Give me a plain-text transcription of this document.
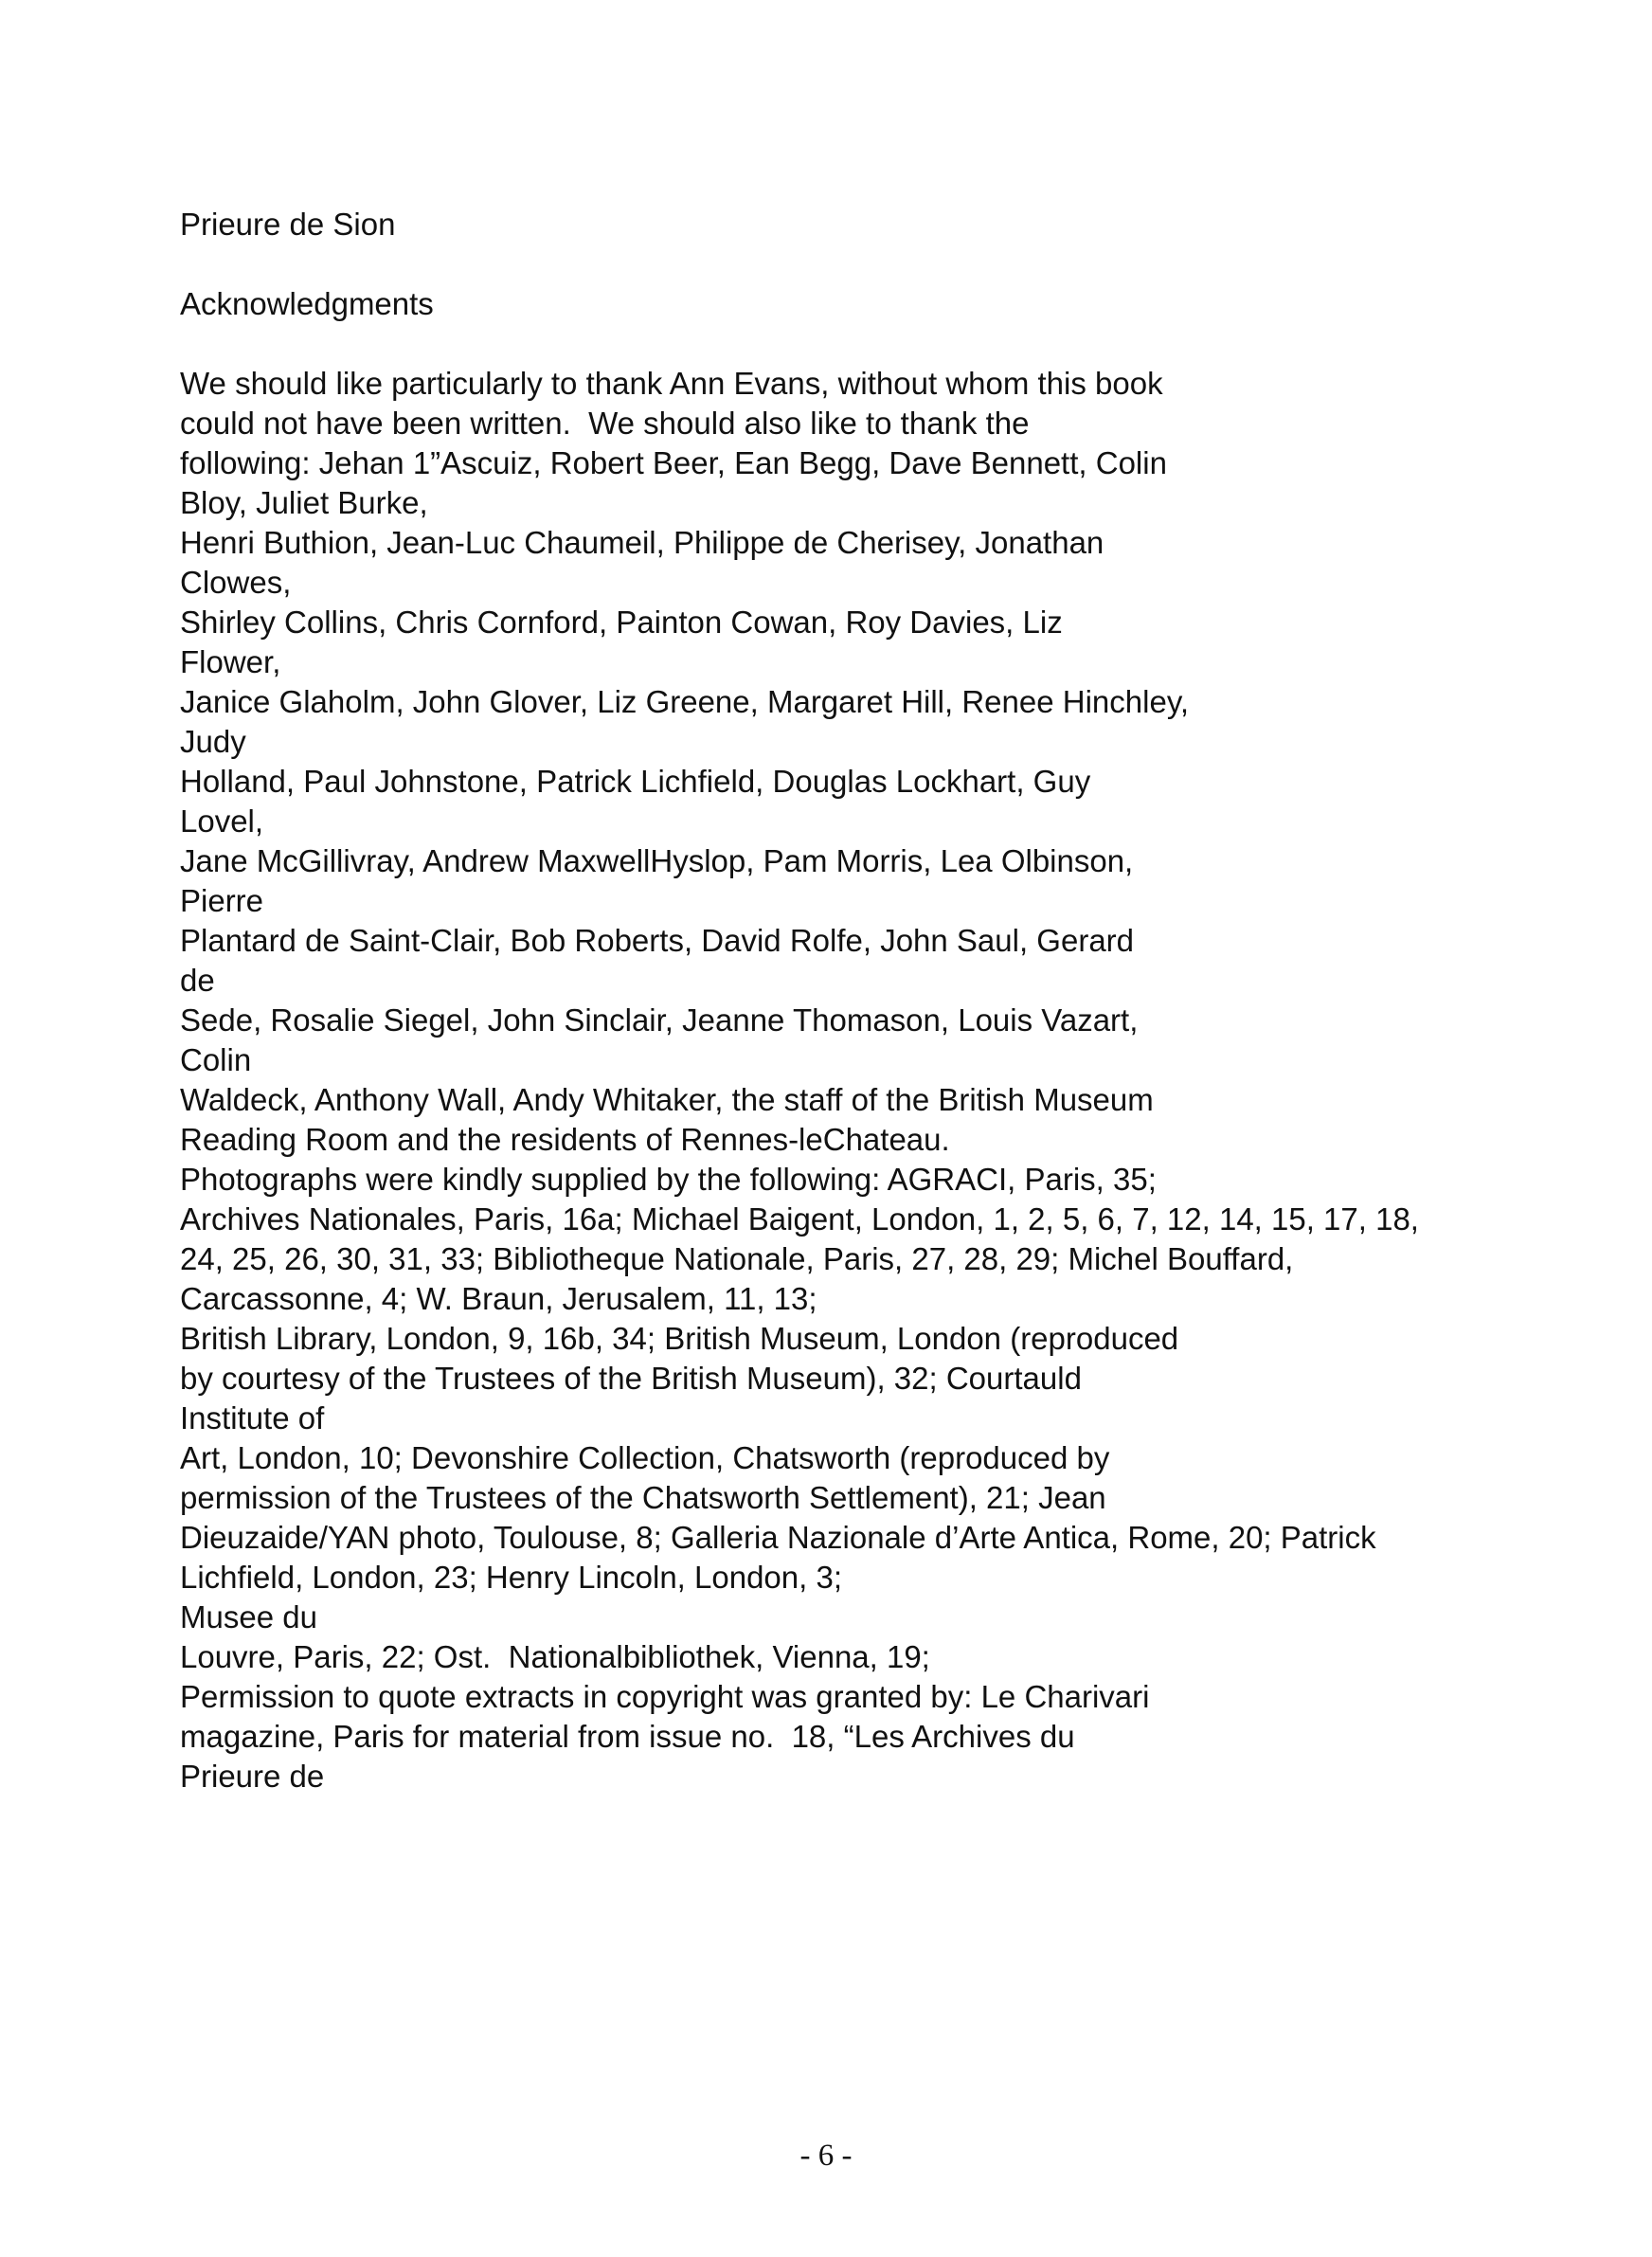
Prieure de Sion
Acknowledgments
We should like particularly to thank Ann Evans, without whom this book
could not have been written.  We should also like to thank the
following: Jehan 1”Ascuiz, Robert Beer, Ean Begg, Dave Bennett, Colin
Bloy, Juliet Burke,
Henri Buthion, Jean-Luc Chaumeil, Philippe de Cherisey, Jonathan
Clowes,
Shirley Collins, Chris Cornford, Painton Cowan, Roy Davies, Liz
Flower,
Janice Glaholm, John Glover, Liz Greene, Margaret Hill, Renee Hinchley,
Judy
Holland, Paul Johnstone, Patrick Lichfield, Douglas Lockhart, Guy
Lovel,
Jane McGillivray, Andrew MaxwellHyslop, Pam Morris, Lea Olbinson,
Pierre
Plantard de Saint-Clair, Bob Roberts, David Rolfe, John Saul, Gerard
de
Sede, Rosalie Siegel, John Sinclair, Jeanne Thomason, Louis Vazart,
Colin
Waldeck, Anthony Wall, Andy Whitaker, the staff of the British Museum
Reading Room and the residents of Rennes-leChateau.
Photographs were kindly supplied by the following: AGRACI, Paris, 35;
Archives Nationales, Paris, 16a; Michael Baigent, London, 1, 2, 5, 6, 7, 12, 14, 15, 17, 18,
24, 25, 26, 30, 31, 33; Bibliotheque Nationale, Paris, 27, 28, 29; Michel Bouffard,
Carcassonne, 4; W. Braun, Jerusalem, 11, 13;
British Library, London, 9, 16b, 34; British Museum, London (reproduced
by courtesy of the Trustees of the British Museum), 32; Courtauld
Institute of
Art, London, 10; Devonshire Collection, Chatsworth (reproduced by
permission of the Trustees of the Chatsworth Settlement), 21; Jean
Dieuzaide/YAN photo, Toulouse, 8; Galleria Nazionale d’Arte Antica, Rome, 20; Patrick
Lichfield, London, 23; Henry Lincoln, London, 3;
Musee du
Louvre, Paris, 22; Ost.  Nationalbibliothek, Vienna, 19;
Permission to quote extracts in copyright was granted by: Le Charivari
magazine, Paris for material from issue no.  18, “Les Archives du
Prieure de
- 6 -
